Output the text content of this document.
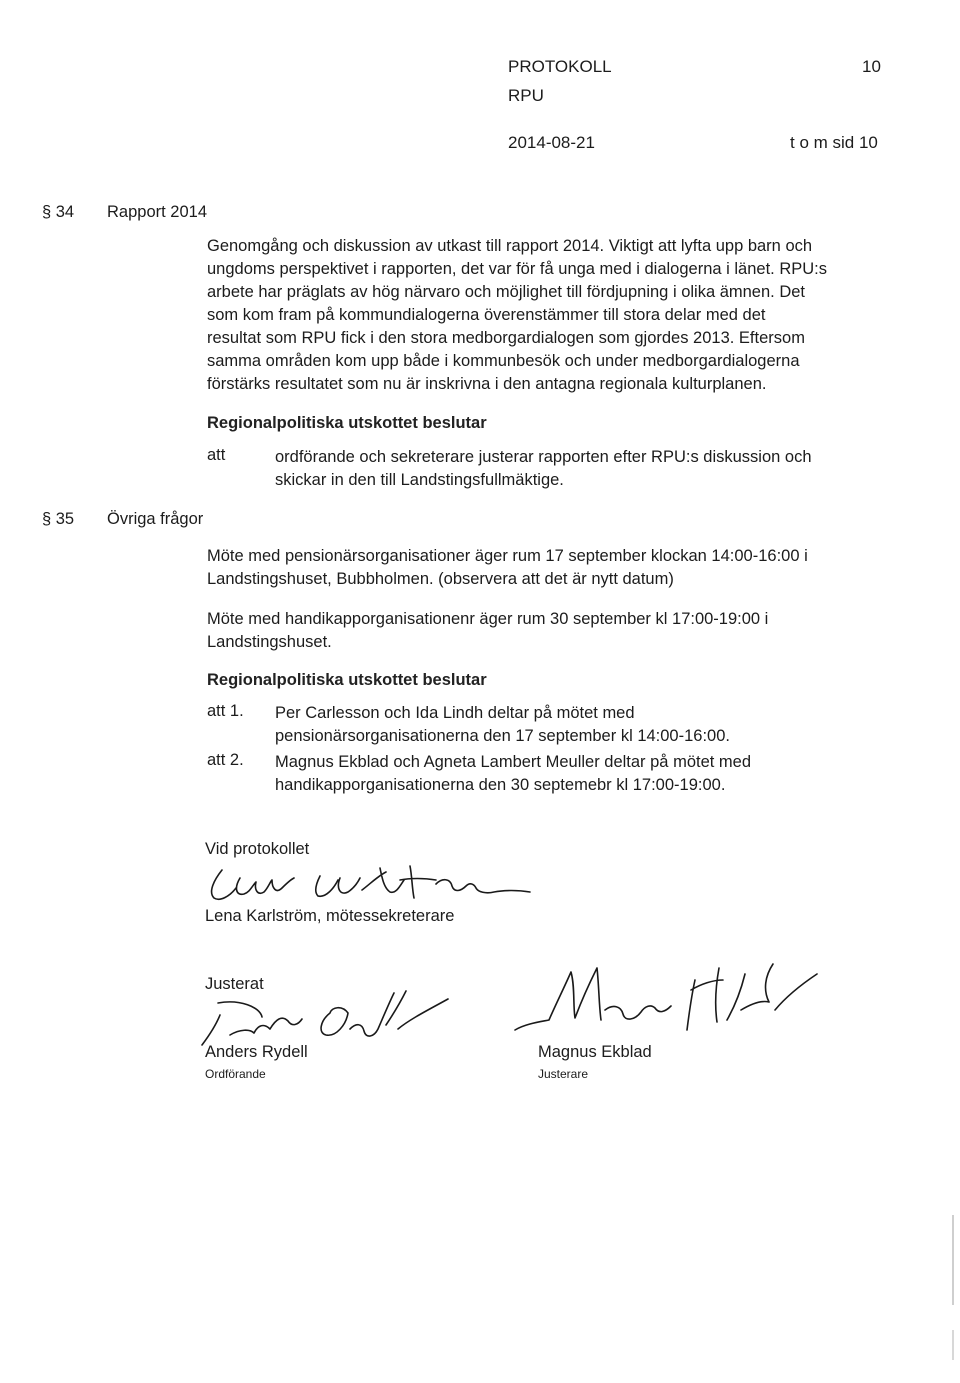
PROTOKOLL	10
RPU
2014-08-21	t o m sid 10
§ 34 Rapport 2014
Genomgång och diskussion av utkast till rapport 2014. Viktigt att lyfta upp barn och
ungdoms perspektivet i rapporten, det var för få unga med i dialogerna i länet. RPU:s
arbete har präglats av hög närvaro och möjlighet till fördjupning i olika ämnen. Det
som kom fram på kommundialogerna överenstämmer till stora delar med det
resultat som RPU fick i den stora medborgardialogen som gjordes 2013. Eftersom
samma områden kom upp både i kommunbesök och under medborgardialogerna
förstärks resultatet som nu är inskrivna i den antagna regionala kulturplanen.
Regionalpolitiska utskottet beslutar
att	ordförande och sekreterare justerar rapporten efter RPU:s diskussion och
skickar in den till Landstingsfullmäktige.
§ 35 Övriga frågor
Möte med pensionärsorganisationer äger rum 17 september klockan 14:00-16:00 i
Landstingshuset, Bubbholmen. (observera att det är nytt datum)
Möte med handikapporganisationenr äger rum 30 september kl 17:00-19:00 i
Landstingshuset.
Regionalpolitiska utskottet beslutar
att 1. Per Carlesson och Ida Lindh deltar på mötet med
pensionärsorganisationerna den 17 september kl 14:00-16:00.
att 2. Magnus Ekblad och Agneta Lambert Meuller deltar på mötet med
handikapporganisationerna den 30 septemebr kl 17:00-19:00.
Vid protokollet
Lena Karlström, mötessekreterare
Justerat
Anders Rydell
Ordförande
Magnus Ekblad
Justerare
